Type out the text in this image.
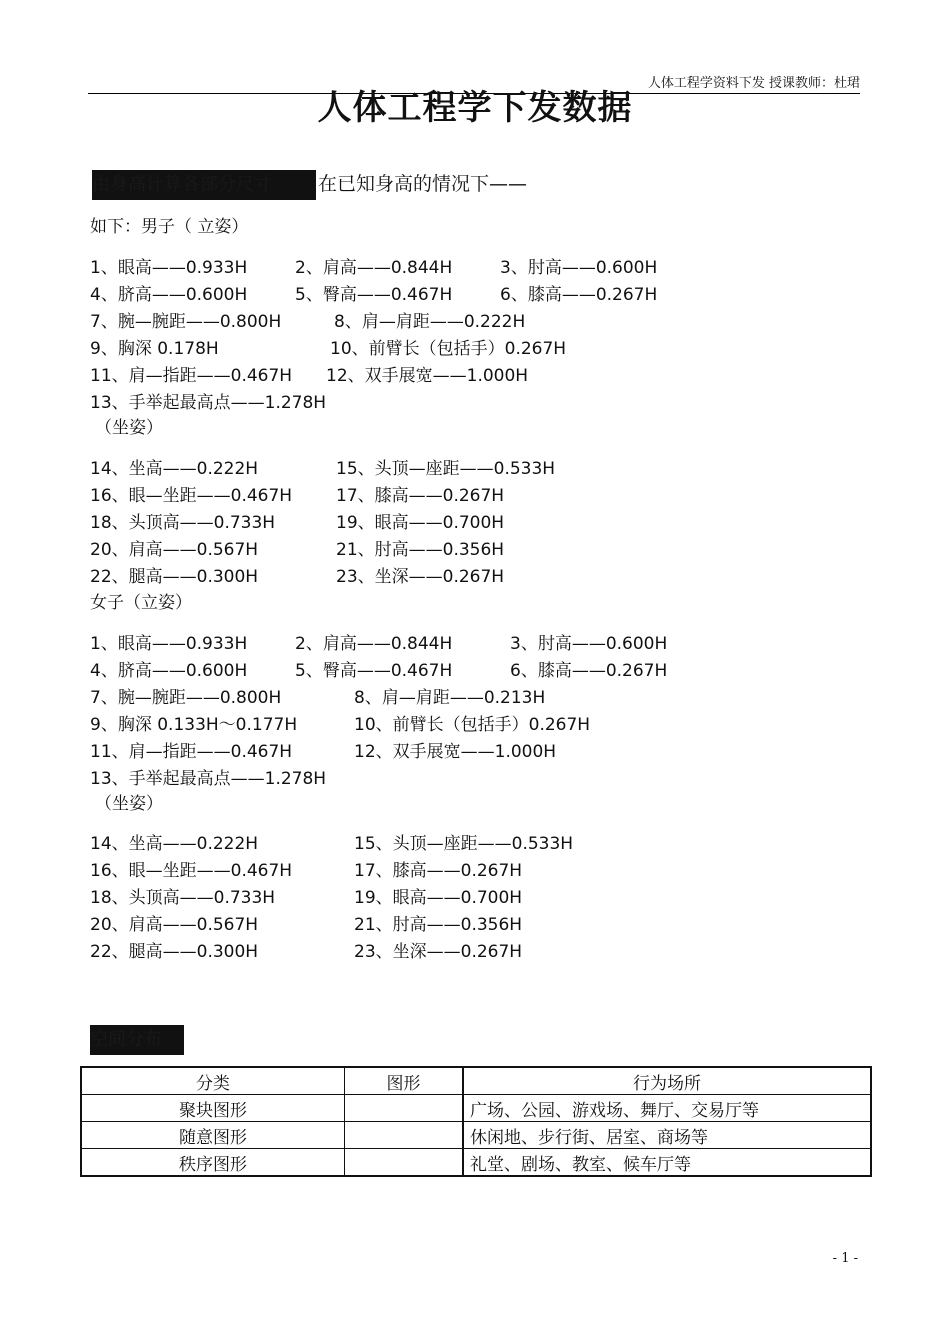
人体工程学资料下发 授课教师：杜珺
人体工程学下发数据
由身高计算各部分尺寸 在已知身高的情况下——
如下：男子（ 立姿）
1、眼高——0.933H	2、肩高——0.844H	3、肘高——0.600H
4、脐高——0.600H	5、臀高——0.467H	6、膝高——0.267H
7、腕—腕距——0.800H	8、肩—肩距——0.222H
9、胸深 0.178H	10、前臂长（包括手）0.267H
11、肩—指距——0.467H 12、双手展宽——1.000H
13、手举起最高点——1.278H
（坐姿）
14、坐高——0.222H	15、头顶—座距——0.533H
16、眼—坐距——0.467H	17、膝高——0.267H
18、头顶高——0.733H	19、眼高——0.700H
20、肩高——0.567H	21、肘高——0.356H
22、腿高——0.300H	23、坐深——0.267H
女子（立姿）
1、眼高——0.933H	2、肩高——0.844H	3、肘高——0.600H
4、脐高——0.600H	5、臀高——0.467H	6、膝高——0.267H
7、腕—腕距——0.800H	8、肩—肩距——0.213H
9、胸深 0.133H～0.177H	10、前臂长（包括手）0.267H
11、肩—指距——0.467H	12、双手展宽——1.000H
13、手举起最高点——1.278H
（坐姿）
14、坐高——0.222H	15、头顶—座距——0.533H
16、眼—坐距——0.467H	17、膝高——0.267H
18、头顶高——0.733H	19、眼高——0.700H
20、肩高——0.567H	21、肘高——0.356H
22、腿高——0.300H	23、坐深——0.267H
空间分布
分类	图形	行为场所
聚块图形		广场、公园、游戏场、舞厅、交易厅等
随意图形		休闲地、步行街、居室、商场等
秩序图形		礼堂、剧场、教室、候车厅等
- 1 -
